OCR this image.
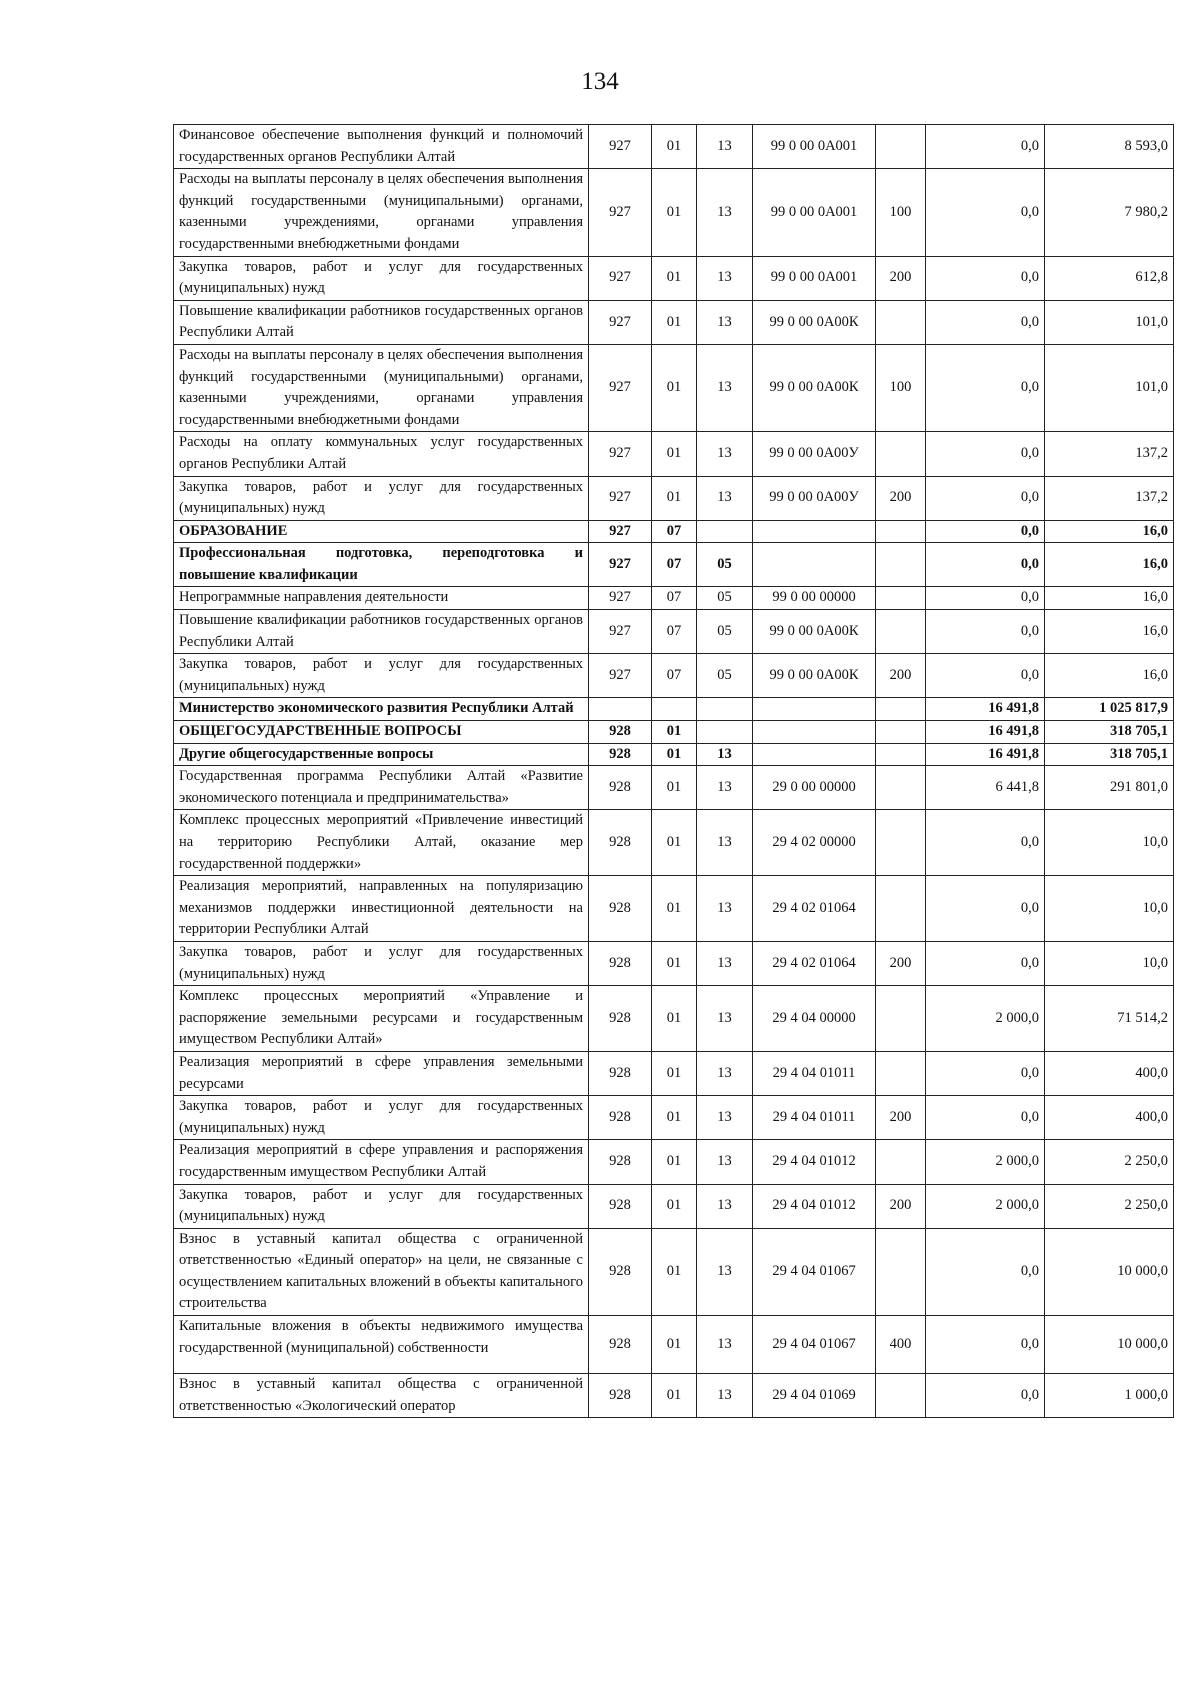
134
Финансовое обеспечение выполнения функций и полномочий государственных органов Республики Алтай	927	01	13	99 0 00 0А001		0,0	8 593,0
Расходы на выплаты персоналу в целях обеспечения выполнения функций государственными (муниципальными) органами, казенными учреждениями, органами управления государственными внебюджетными фондами	927	01	13	99 0 00 0А001	100	0,0	7 980,2
Закупка товаров, работ и услуг для государственных (муниципальных) нужд	927	01	13	99 0 00 0А001	200	0,0	612,8
Повышение квалификации работников государственных органов Республики Алтай	927	01	13	99 0 00 0А00К		0,0	101,0
Расходы на выплаты персоналу в целях обеспечения выполнения функций государственными (муниципальными) органами, казенными учреждениями, органами управления государственными внебюджетными фондами	927	01	13	99 0 00 0А00К	100	0,0	101,0
Расходы на оплату коммунальных услуг государственных органов Республики Алтай	927	01	13	99 0 00 0А00У		0,0	137,2
Закупка товаров, работ и услуг для государственных (муниципальных) нужд	927	01	13	99 0 00 0А00У	200	0,0	137,2
ОБРАЗОВАНИЕ	927	07				0,0	16,0
Профессиональная подготовка, переподготовка и повышение квалификации	927	07	05			0,0	16,0
Непрограммные направления деятельности	927	07	05	99 0 00 00000		0,0	16,0
Повышение квалификации работников государственных органов Республики Алтай	927	07	05	99 0 00 0А00К		0,0	16,0
Закупка товаров, работ и услуг для государственных (муниципальных) нужд	927	07	05	99 0 00 0А00К	200	0,0	16,0
Министерство экономического развития Республики Алтай						16 491,8	1 025 817,9
ОБЩЕГОСУДАРСТВЕННЫЕ ВОПРОСЫ	928	01				16 491,8	318 705,1
Другие общегосударственные вопросы	928	01	13			16 491,8	318 705,1
Государственная программа Республики Алтай «Развитие экономического потенциала и предпринимательства»	928	01	13	29 0 00 00000		6 441,8	291 801,0
Комплекс процессных мероприятий «Привлечение инвестиций на территорию Республики Алтай, оказание мер государственной поддержки»	928	01	13	29 4 02 00000		0,0	10,0
Реализация мероприятий, направленных на популяризацию механизмов поддержки инвестиционной деятельности на территории Республики Алтай	928	01	13	29 4 02 01064		0,0	10,0
Закупка товаров, работ и услуг для государственных (муниципальных) нужд	928	01	13	29 4 02 01064	200	0,0	10,0
Комплекс процессных мероприятий «Управление и распоряжение земельными ресурсами и государственным имуществом Республики Алтай»	928	01	13	29 4 04 00000		2 000,0	71 514,2
Реализация мероприятий в сфере управления земельными ресурсами	928	01	13	29 4 04 01011		0,0	400,0
Закупка товаров, работ и услуг для государственных (муниципальных) нужд	928	01	13	29 4 04 01011	200	0,0	400,0
Реализация мероприятий в сфере управления и распоряжения государственным имуществом Республики Алтай	928	01	13	29 4 04 01012		2 000,0	2 250,0
Закупка товаров, работ и услуг для государственных (муниципальных) нужд	928	01	13	29 4 04 01012	200	2 000,0	2 250,0
Взнос в уставный капитал общества с ограниченной ответственностью «Единый оператор» на цели, не связанные с осуществлением капитальных вложений в объекты капитального строительства	928	01	13	29 4 04 01067		0,0	10 000,0
Капитальные вложения в объекты недвижимого имущества государственной (муниципальной) собственности	928	01	13	29 4 04 01067	400	0,0	10 000,0

Взнос в уставный капитал общества с ограниченной ответственностью «Экологический оператор	928	01	13	29 4 04 01069		0,0	1 000,0
